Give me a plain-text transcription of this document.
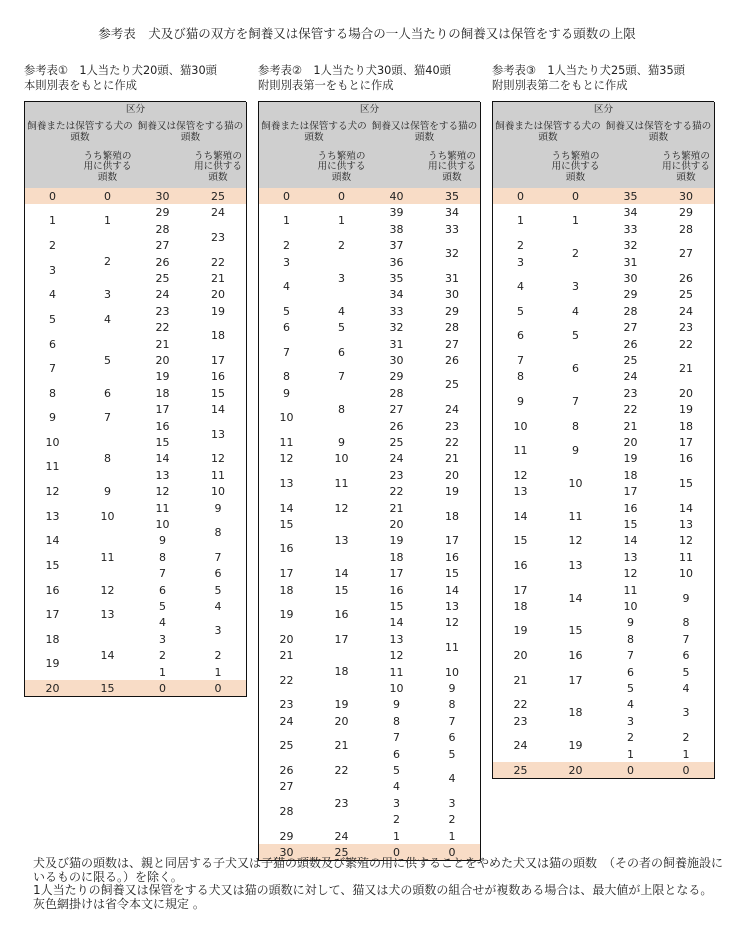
参考表　犬及び猫の双方を飼養又は保管する場合の一人当たりの飼養又は保管をする頭数の上限
参考表①　1人当たり犬20頭、猫30頭
本則別表をもとに作成
参考表②　1人当たり犬30頭、猫40頭
附則別表第一をもとに作成
参考表③　1人当たり犬25頭、猫35頭
附則別表第二をもとに作成
区分
飼養または保管する犬の頭数
飼養又は保管をする猫の頭数
うち繁殖の用に供する頭数
うち繁殖の用に供する頭数
0
1
2
3
4
5
6
7
8
9
10
11
12
13
14
15
16
17
18
19
20
0
1
2
3
4
5
6
7
8
9
10
11
12
13
14
15
30
29
28
27
26
25
24
23
22
21
20
19
18
17
16
15
14
13
12
11
10
9
8
7
6
5
4
3
2
1
0
25
24
23
22
21
20
19
18
17
16
15
14
13
12
11
10
9
8
7
6
5
4
3
2
1
0
区分
飼養または保管する犬の頭数
飼養又は保管をする猫の頭数
うち繁殖の用に供する頭数
うち繁殖の用に供する頭数
0
1
2
3
4
5
6
7
8
9
10
11
12
13
14
15
16
17
18
19
20
21
22
23
24
25
26
27
28
29
30
0
1
2
3
4
5
6
7
8
9
10
11
12
13
14
15
16
17
18
19
20
21
22
23
24
25
40
39
38
37
36
35
34
33
32
31
30
29
28
27
26
25
24
23
22
21
20
19
18
17
16
15
14
13
12
11
10
9
8
7
6
5
4
3
2
1
0
35
34
33
32
31
30
29
28
27
26
25
24
23
22
21
20
19
18
17
16
15
14
13
12
11
10
9
8
7
6
5
4
3
2
1
0
区分
飼養または保管する犬の頭数
飼養又は保管をする猫の頭数
うち繁殖の用に供する頭数
うち繁殖の用に供する頭数
0
1
2
3
4
5
6
7
8
9
10
11
12
13
14
15
16
17
18
19
20
21
22
23
24
25
0
1
2
3
4
5
6
7
8
9
10
11
12
13
14
15
16
17
18
19
20
35
34
33
32
31
30
29
28
27
26
25
24
23
22
21
20
19
18
17
16
15
14
13
12
11
10
9
8
7
6
5
4
3
2
1
0
30
29
28
27
26
25
24
23
22
21
20
19
18
17
16
15
14
13
12
11
10
9
8
7
6
5
4
3
2
1
0

犬及び猫の頭数は、親と同居する子犬又は子猫の頭数及び繁殖の用に供することをやめた犬又は猫の頭数　（その者の飼養施設にいるものに限る。）を除く。

1人当たりの飼養又は保管をする犬又は猫の頭数に対して、猫又は犬の頭数の組合せが複数ある場合は、最大値が上限となる。灰色網掛けは省令本文に規定 。
